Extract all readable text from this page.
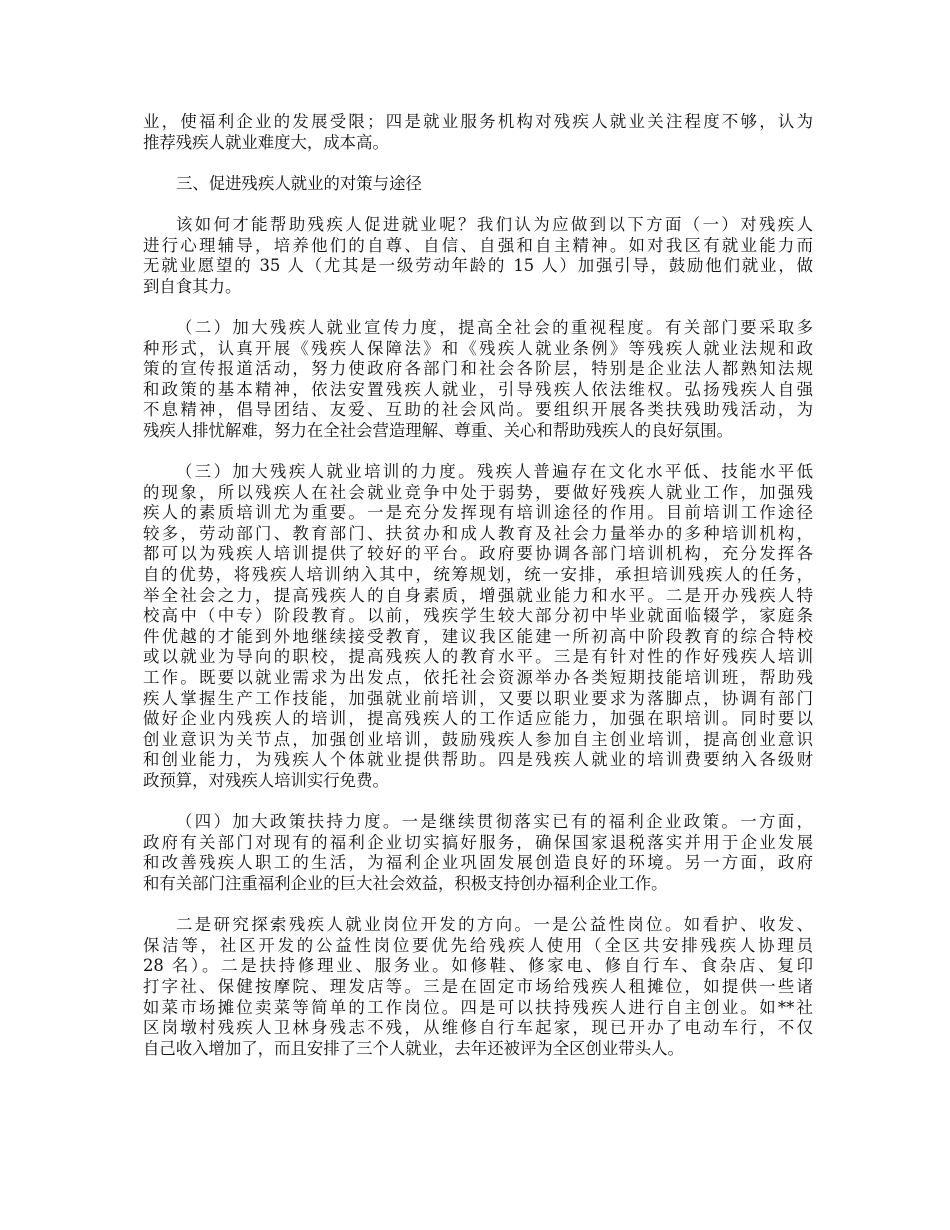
业，使福利企业的发展受限；四是就业服务机构对残疾人就业关注程度不够，认为
推荐残疾人就业难度大，成本高。
三、促进残疾人就业的对策与途径
该如何才能帮助残疾人促进就业呢？我们认为应做到以下方面（一）对残疾人
进行心理辅导，培养他们的自尊、自信、自强和自主精神。如对我区有就业能力而
无就业愿望的 35 人（尤其是一级劳动年龄的 15 人）加强引导，鼓励他们就业，做
到自食其力。
（二）加大残疾人就业宣传力度，提高全社会的重视程度。有关部门要采取多
种形式，认真开展《残疾人保障法》和《残疾人就业条例》等残疾人就业法规和政
策的宣传报道活动，努力使政府各部门和社会各阶层，特别是企业法人都熟知法规
和政策的基本精神，依法安置残疾人就业，引导残疾人依法维权。弘扬残疾人自强
不息精神，倡导团结、友爱、互助的社会风尚。要组织开展各类扶残助残活动，为
残疾人排忧解难，努力在全社会营造理解、尊重、关心和帮助残疾人的良好氛围。
（三）加大残疾人就业培训的力度。残疾人普遍存在文化水平低、技能水平低
的现象，所以残疾人在社会就业竞争中处于弱势，要做好残疾人就业工作，加强残
疾人的素质培训尤为重要。一是充分发挥现有培训途径的作用。目前培训工作途径
较多，劳动部门、教育部门、扶贫办和成人教育及社会力量举办的多种培训机构，
都可以为残疾人培训提供了较好的平台。政府要协调各部门培训机构，充分发挥各
自的优势，将残疾人培训纳入其中，统筹规划，统一安排，承担培训残疾人的任务，
举全社会之力，提高残疾人的自身素质，增强就业能力和水平。二是开办残疾人特
校高中（中专）阶段教育。以前，残疾学生较大部分初中毕业就面临辍学，家庭条
件优越的才能到外地继续接受教育，建议我区能建一所初高中阶段教育的综合特校
或以就业为导向的职校，提高残疾人的教育水平。三是有针对性的作好残疾人培训
工作。既要以就业需求为出发点，依托社会资源举办各类短期技能培训班，帮助残
疾人掌握生产工作技能，加强就业前培训，又要以职业要求为落脚点，协调有部门
做好企业内残疾人的培训，提高残疾人的工作适应能力，加强在职培训。同时要以
创业意识为关节点，加强创业培训，鼓励残疾人参加自主创业培训，提高创业意识
和创业能力，为残疾人个体就业提供帮助。四是残疾人就业的培训费要纳入各级财
政预算，对残疾人培训实行免费。
（四）加大政策扶持力度。一是继续贯彻落实已有的福利企业政策。一方面，
政府有关部门对现有的福利企业切实搞好服务，确保国家退税落实并用于企业发展
和改善残疾人职工的生活，为福利企业巩固发展创造良好的环境。另一方面，政府
和有关部门注重福利企业的巨大社会效益，积极支持创办福利企业工作。
二是研究探索残疾人就业岗位开发的方向。一是公益性岗位。如看护、收发、
保洁等，社区开发的公益性岗位要优先给残疾人使用（全区共安排残疾人协理员
28 名）。二是扶持修理业、服务业。如修鞋、修家电、修自行车、食杂店、复印
打字社、保健按摩院、理发店等。三是在固定市场给残疾人租摊位，如提供一些诸
如菜市场摊位卖菜等简单的工作岗位。四是可以扶持残疾人进行自主创业。如**社
区岗墩村残疾人卫林身残志不残，从维修自行车起家，现已开办了电动车行，不仅
自己收入增加了，而且安排了三个人就业，去年还被评为全区创业带头人。
